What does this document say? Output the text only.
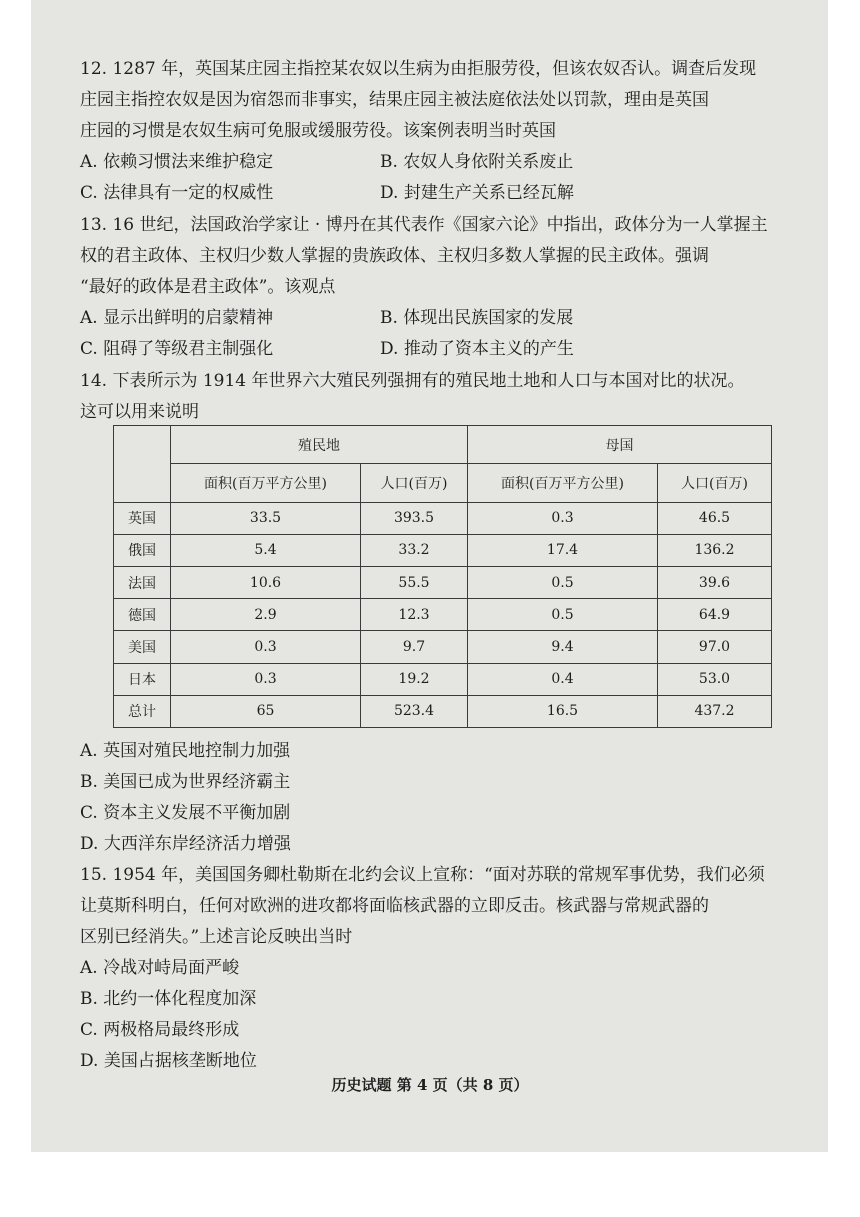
12. 1287 年，英国某庄园主指控某农奴以生病为由拒服劳役，但该农奴否认。调查后发现

庄园主指控农奴是因为宿怨而非事实，结果庄园主被法庭依法处以罚款，理由是英国

庄园的习惯是农奴生病可免服或缓服劳役。该案例表明当时英国

A. 依赖习惯法来维护稳定	B. 农奴人身依附关系废止
C. 法律具有一定的权威性	D. 封建生产关系已经瓦解

13. 16 世纪，法国政治学家让 · 博丹在其代表作《国家六论》中指出，政体分为一人掌握主

权的君主政体、主权归少数人掌握的贵族政体、主权归多数人掌握的民主政体。强调

“最好的政体是君主政体”。该观点

A. 显示出鲜明的启蒙精神	B. 体现出民族国家的发展
C. 阻碍了等级君主制强化	D. 推动了资本主义的产生

14. 下表所示为 1914 年世界六大殖民列强拥有的殖民地土地和人口与本国对比的状况。

这可以用来说明

	殖民地		母国	
	面积(百万平方公里)	人口(百万)	面积(百万平方公里)	人口(百万)
英国	33.5	393.5	0.3	46.5
俄国	5.4	33.2	17.4	136.2
法国	10.6	55.5	0.5	39.6
德国	2.9	12.3	0.5	64.9
美国	0.3	9.7	9.4	97.0
日本	0.3	19.2	0.4	53.0
总计	65	523.4	16.5	437.2
A. 英国对殖民地控制力加强
B. 美国已成为世界经济霸主
C. 资本主义发展不平衡加剧
D. 大西洋东岸经济活力增强

15. 1954 年，美国国务卿杜勒斯在北约会议上宣称：“面对苏联的常规军事优势，我们必须

让莫斯科明白，任何对欧洲的进攻都将面临核武器的立即反击。核武器与常规武器的

区别已经消失。”上述言论反映出当时

A. 冷战对峙局面严峻
B. 北约一体化程度加深
C. 两极格局最终形成
D. 美国占据核垄断地位
历史试题 第 4 页（共 8 页）
